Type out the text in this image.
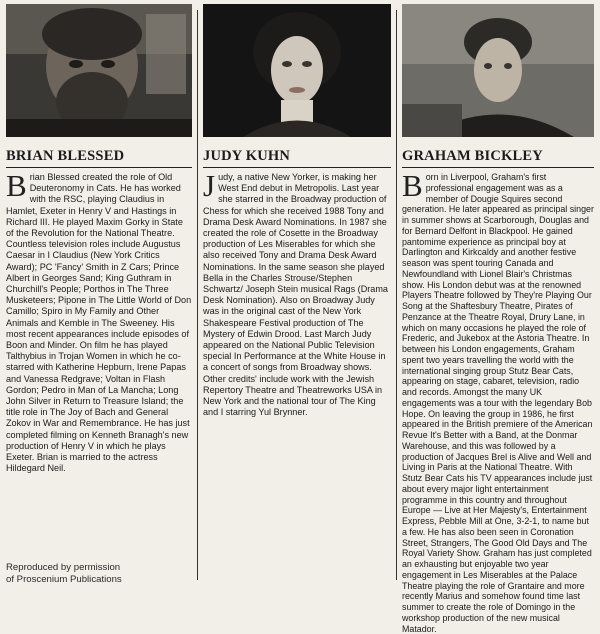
BRIAN BLESSED
Brian Blessed created the role of Old Deuteronomy in Cats. He has worked with the RSC, playing Claudius in Hamlet, Exeter in Henry V and Hastings in Richard III. He played Maxim Gorky in State of the Revolution for the National Theatre. Countless television roles include Augustus Caesar in I Claudius (New York Critics Award); PC 'Fancy' Smith in Z Cars; Prince Albert in Georges Sand; King Guthram in Churchill's People; Porthos in The Three Musketeers; Pipone in The Little World of Don Camillo; Spiro in My Family and Other Animals and Kemble in The Sweeney. His most recent appearances include episodes of Boon and Minder. On film he has played Talthybius in Trojan Women in which he co-starred with Katherine Hepburn, Irene Papas and Vanessa Redgrave; Voltan in Flash Gordon; Pedro in Man of La Mancha; Long John Silver in Return to Treasure Island; the title role in The Joy of Bach and General Zokov in War and Remembrance. He has just completed filming on Kenneth Branagh's new production of Henry V in which he plays Exeter. Brian is married to the actress Hildegard Neil.
Reproduced by permission
of Proscenium Publications
JUDY KUHN
Judy, a native New Yorker, is making her West End debut in Metropolis. Last year she starred in the Broadway production of Chess for which she received 1988 Tony and Drama Desk Award Nominations. In 1987 she created the role of Cosette in the Broadway production of Les Miserables for which she also received Tony and Drama Desk Award Nominations. In the same season she played Bella in the Charles Strouse/Stephen Schwartz/ Joseph Stein musical Rags (Drama Desk Nomination). Also on Broadway Judy was in the original cast of the New York Shakespeare Festival production of The Mystery of Edwin Drood. Last March Judy appeared on the National Public Television special In Performance at the White House in a concert of songs from Broadway shows. Other credits' include work with the Jewish Repertory Theatre and Theatreworks USA in New York and the national tour of The King and I starring Yul Brynner.
GRAHAM BICKLEY
Born in Liverpool, Graham's first professional engagement was as a member of Dougie Squires second generation. He later appeared as principal singer in summer shows at Scarborough, Douglas and for Bernard Delfont in Blackpool. He gained pantomime experience as principal boy at Darlington and Kirkcaldy and another festive season was spent touring Canada and Newfoundland with Lionel Blair's Christmas show. His London debut was at the renowned Players Theatre followed by They're Playing Our Song at the Shaftesbury Theatre, Pirates of Penzance at the Theatre Royal, Drury Lane, in which on many occasions he played the role of Frederic, and Jukebox at the Astoria Theatre. In between his London engagements, Graham spent two years travelling the world with the international singing group Stutz Bear Cats, appearing on stage, cabaret, television, radio and records. Amongst the many UK engagements was a tour with the legendary Bob Hope. On leaving the group in 1986, he first appeared in the British premiere of the American Revue It's Better with a Band, at the Donmar Warehouse, and this was followed by a production of Jacques Brel is Alive and Well and Living in Paris at the National Theatre. With Stutz Bear Cats his TV appearances include just about every major light entertainment programme in this country and throughout Europe — Live at Her Majesty's, Entertainment Express, Pebble Mill at One, 3-2-1, to name but a few. He has also been seen in Coronation Street, Strangers, The Good Old Days and The Royal Variety Show. Graham has just completed an exhausting but enjoyable two year engagement in Les Miserables at the Palace Theatre playing the role of Grantaire and more recently Marius and somehow found time last summer to create the role of Domingo in the workshop production of the new musical Matador.
